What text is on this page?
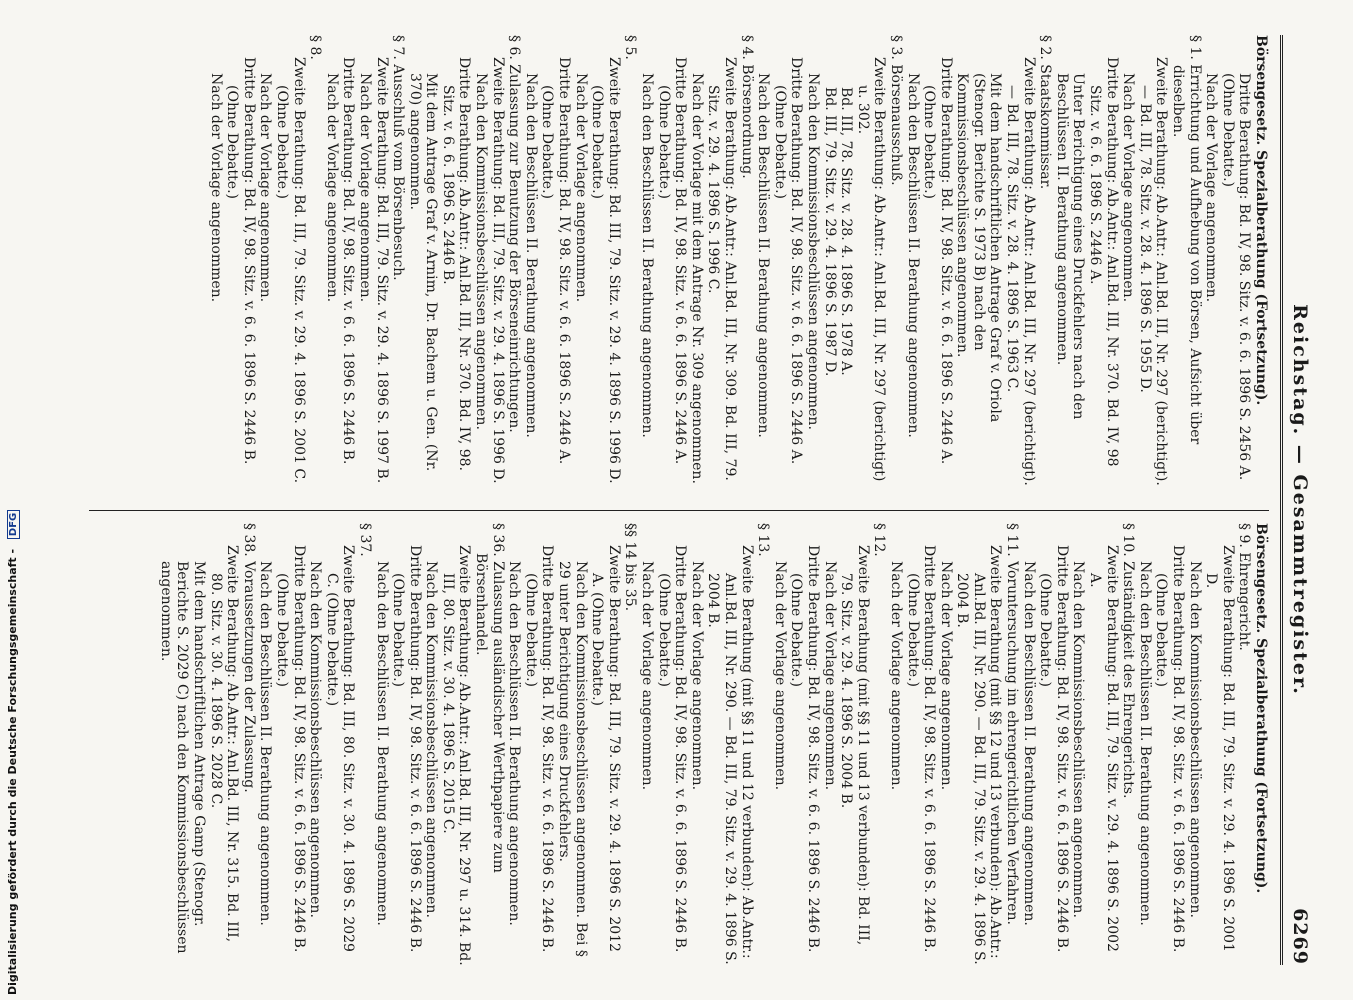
Reichstag. — Gesammtregister.
6269

Börsengesetz. Spezialberathung (Fortsetzung).

Dritte Berathung: Bd. IV, 98. Sitz. v. 6. 6. 1896 S. 2456 A. (Ohne Debatte.)

Nach der Vorlage angenommen.

§ 1. Errichtung und Aufhebung von Börsen, Aufsicht über dieselben.

Zweite Berathung: Ab.Antr.: Anl.Bd. III, Nr. 297 (berichtigt). — Bd. III, 78. Sitz. v. 28. 4. 1896 S. 1955 D.

Nach der Vorlage angenommen.

Dritte Berathung: Ab.Antr.: Anl.Bd. III, Nr. 370. Bd. IV, 98 Sitz. v. 6. 6. 1896 S. 2446 A.

Unter Berichtigung eines Druckfehlers nach den Beschlüssen II. Berathung angenommen.

§ 2. Staatskommissar.

Zweite Berathung: Ab.Antr.: Anl.Bd. III, Nr. 297 (berichtigt). — Bd. III, 78. Sitz. v. 28. 4. 1896 S. 1963 C.

Mit dem handschriftlichen Antrage Graf v. Oriola (Stenogr. Berichte S. 1973 B) nach den Kommissionsbeschlüssen angenommen.

Dritte Berathung: Bd. IV, 98. Sitz. v. 6. 6. 1896 S. 2446 A. (Ohne Debatte.)

Nach den Beschlüssen II. Berathung angenommen.

§ 3. Börsenausschuß.

Zweite Berathung: Ab.Antr.: Anl.Bd. III, Nr. 297 (berichtigt) u. 302.

Bd. III, 78. Sitz. v. 28. 4. 1896 S. 1978 A.

Bd. III, 79. Sitz. v. 29. 4. 1896 S. 1987 D.

Nach den Kommissionsbeschlüssen angenommen.

Dritte Berathung: Bd. IV, 98. Sitz. v. 6. 6. 1896 S. 2446 A. (Ohne Debatte.)

Nach den Beschlüssen II. Berathung angenommen.

§ 4. Börsenordnung.

Zweite Berathung: Ab.Antr.: Anl.Bd. III, Nr. 309. Bd. III, 79. Sitz. v. 29. 4. 1896 S. 1996 C.

Nach der Vorlage mit dem Antrage Nr. 309 angenommen.

Dritte Berathung: Bd. IV, 98. Sitz. v. 6. 6. 1896 S. 2446 A. (Ohne Debatte.)

Nach den Beschlüssen II. Berathung angenommen.

§ 5.

Zweite Berathung: Bd. III, 79. Sitz. v. 29. 4. 1896 S. 1996 D. (Ohne Debatte.)

Nach der Vorlage angenommen.

Dritte Berathung: Bd. IV, 98. Sitz. v. 6. 6. 1896 S. 2446 A. (Ohne Debatte.)

Nach den Beschlüssen II. Berathung angenommen.

§ 6. Zulassung zur Benutzung der Börseneinrichtungen.

Zweite Berathung: Bd. III, 79. Sitz. v. 29. 4. 1896 S. 1996 D.

Nach den Kommissionsbeschlüssen angenommen.

Dritte Berathung: Ab.Antr.: Anl.Bd. III, Nr. 370. Bd. IV, 98. Sitz. v. 6. 6. 1896 S. 2446 B.

Mit dem Antrage Graf v. Arnim, Dr. Bachem u. Gen. (Nr. 370) angenommen.

§ 7. Ausschluß vom Börsenbesuch.

Zweite Berathung: Bd. III, 79. Sitz. v. 29. 4. 1896 S. 1997 B.

Nach der Vorlage angenommen.

Dritte Berathung: Bd. IV, 98. Sitz. v. 6. 6. 1896 S. 2446 B.

Nach der Vorlage angenommen.

§ 8.

Zweite Berathung: Bd. III, 79. Sitz. v. 29. 4. 1896 S. 2001 C. (Ohne Debatte.)

Nach der Vorlage angenommen.

Dritte Berathung: Bd. IV, 98. Sitz. v. 6. 6. 1896 S. 2446 B. (Ohne Debatte.)

Nach der Vorlage angenommen.

Börsengesetz. Spezialberathung (Fortsetzung).

§ 9. Ehrengericht.

Zweite Berathung: Bd. III, 79. Sitz. v. 29. 4. 1896 S. 2001 D.

Nach den Kommissionsbeschlüssen angenommen.

Dritte Berathung: Bd. IV, 98. Sitz. v. 6. 6. 1896 S. 2446 B. (Ohne Debatte.)

Nach den Beschlüssen II. Berathung angenommen.

§ 10. Zuständigkeit des Ehrengerichts.

Zweite Berathung: Bd. III, 79. Sitz. v. 29. 4. 1896 S. 2002 A.

Nach den Kommissionsbeschlüssen angenommen.

Dritte Berathung: Bd. IV, 98. Sitz. v. 6. 6. 1896 S. 2446 B. (Ohne Debatte.)

Nach den Beschlüssen II. Berathung angenommen.

§ 11. Voruntersuchung im ehrengerichtlichen Verfahren.

Zweite Berathung (mit §§ 12 und 13 verbunden): Ab.Antr.: Anl.Bd. III, Nr. 290. — Bd. III, 79. Sitz. v. 29. 4. 1896 S. 2004 B.

Nach der Vorlage angenommen.

Dritte Berathung: Bd. IV, 98. Sitz. v. 6. 6. 1896 S. 2446 B. (Ohne Debatte.)

Nach der Vorlage angenommen.

§ 12.

Zweite Berathung (mit §§ 11 und 13 verbunden): Bd. III, 79. Sitz. v. 29. 4. 1896 S. 2004 B.

Nach der Vorlage angenommen.

Dritte Berathung: Bd. IV, 98. Sitz. v. 6. 6. 1896 S. 2446 B. (Ohne Debatte.)

Nach der Vorlage angenommen.

§ 13.

Zweite Berathung (mit §§ 11 und 12 verbunden): Ab.Antr.: Anl.Bd. III, Nr. 290. — Bd. III, 79. Sitz. v. 29. 4. 1896 S. 2004 B.

Nach der Vorlage angenommen.

Dritte Berathung: Bd. IV, 98. Sitz. v. 6. 6. 1896 S. 2446 B. (Ohne Debatte.)

Nach der Vorlage angenommen.

§§ 14 bis 35.

Zweite Berathung: Bd. III, 79. Sitz. v. 29. 4. 1896 S. 2012 A. (Ohne Debatte.)

Nach den Kommissionsbeschlüssen angenommen. Bei § 29 unter Berichtigung eines Druckfehlers.

Dritte Berathung: Bd. IV, 98. Sitz. v. 6. 6. 1896 S. 2446 B. (Ohne Debatte.)

Nach den Beschlüssen II. Berathung angenommen.

§ 36. Zulassung ausländischer Werthpapiere zum Börsenhandel.

Zweite Berathung: Ab.Antr.: Anl.Bd. III, Nr. 297 u. 314. Bd. III, 80. Sitz. v. 30. 4. 1896 S. 2015 C.

Nach den Kommissionsbeschlüssen angenommen.

Dritte Berathung: Bd. IV, 98. Sitz. v. 6. 6. 1896 S. 2446 B. (Ohne Debatte.)

Nach den Beschlüssen II. Berathung angenommen.

§ 37.

Zweite Berathung: Bd. III, 80. Sitz. v. 30. 4. 1896 S. 2029 C. (Ohne Debatte.)

Nach den Kommissionsbeschlüssen angenommen.

Dritte Berathung: Bd. IV, 98. Sitz. v. 6. 6. 1896 S. 2446 B. (Ohne Debatte.)

Nach den Beschlüssen II. Berathung angenommen.

§ 38. Voraussetzungen der Zulassung.

Zweite Berathung: Ab.Antr.: Anl.Bd. III, Nr. 315. Bd. III, 80. Sitz. v. 30. 4. 1896 S. 2028 C.

Mit dem handschriftlichen Antrage Gamp (Stenogr. Berichte S. 2029 C) nach den Kommissionsbeschlüssen angenommen.

Digitalisierung gefördert durch die Deutsche Forschungsgemeinschaft - DFG
